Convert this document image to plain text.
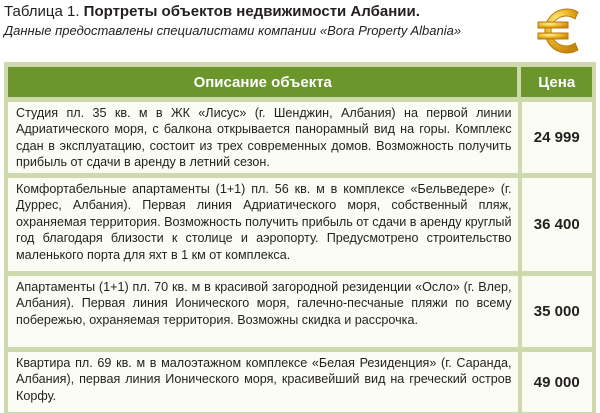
Таблица 1. Портреты объектов недвижимости Албании.
Данные предоставлены специалистами компании «Bora Property Albania»
Описание объекта	Цена
Студия пл. 35 кв. м в ЖК «Лисус» (г. Шенджин, Албания) на первой линии Адриатического моря, с балкона открывается панорамный вид на горы. Комплекс сдан в эксплуатацию, состоит из трех современных домов. Возможность получить прибыль от сдачи в аренду в летний сезон.
24 999
Комфортабельные апартаменты (1+1) пл. 56 кв. м в комплексе «Бельведере» (г. Дуррес, Албания). Первая линия Адриатического моря, собственный пляж, охраняемая территория. Возможность получить прибыль от сдачи в аренду круглый год благодаря близости к столице и аэропорту. Предусмотрено строительство маленького порта для яхт в 1 км от комплекса.
36 400
Апартаменты (1+1) пл. 70 кв. м в красивой загородной резиденции «Осло» (г. Влер, Албания). Первая линия Ионического моря, галечно-песчаные пляжи по всему побережью, охраняемая территория. Возможны скидка и рассрочка.	35 000
Квартира пл. 69 кв. м в малоэтажном комплексе «Белая Резиденция» (г. Саранда, Албания), первая линия Ионического моря, красивейший вид на греческий остров Корфу.
49 000
